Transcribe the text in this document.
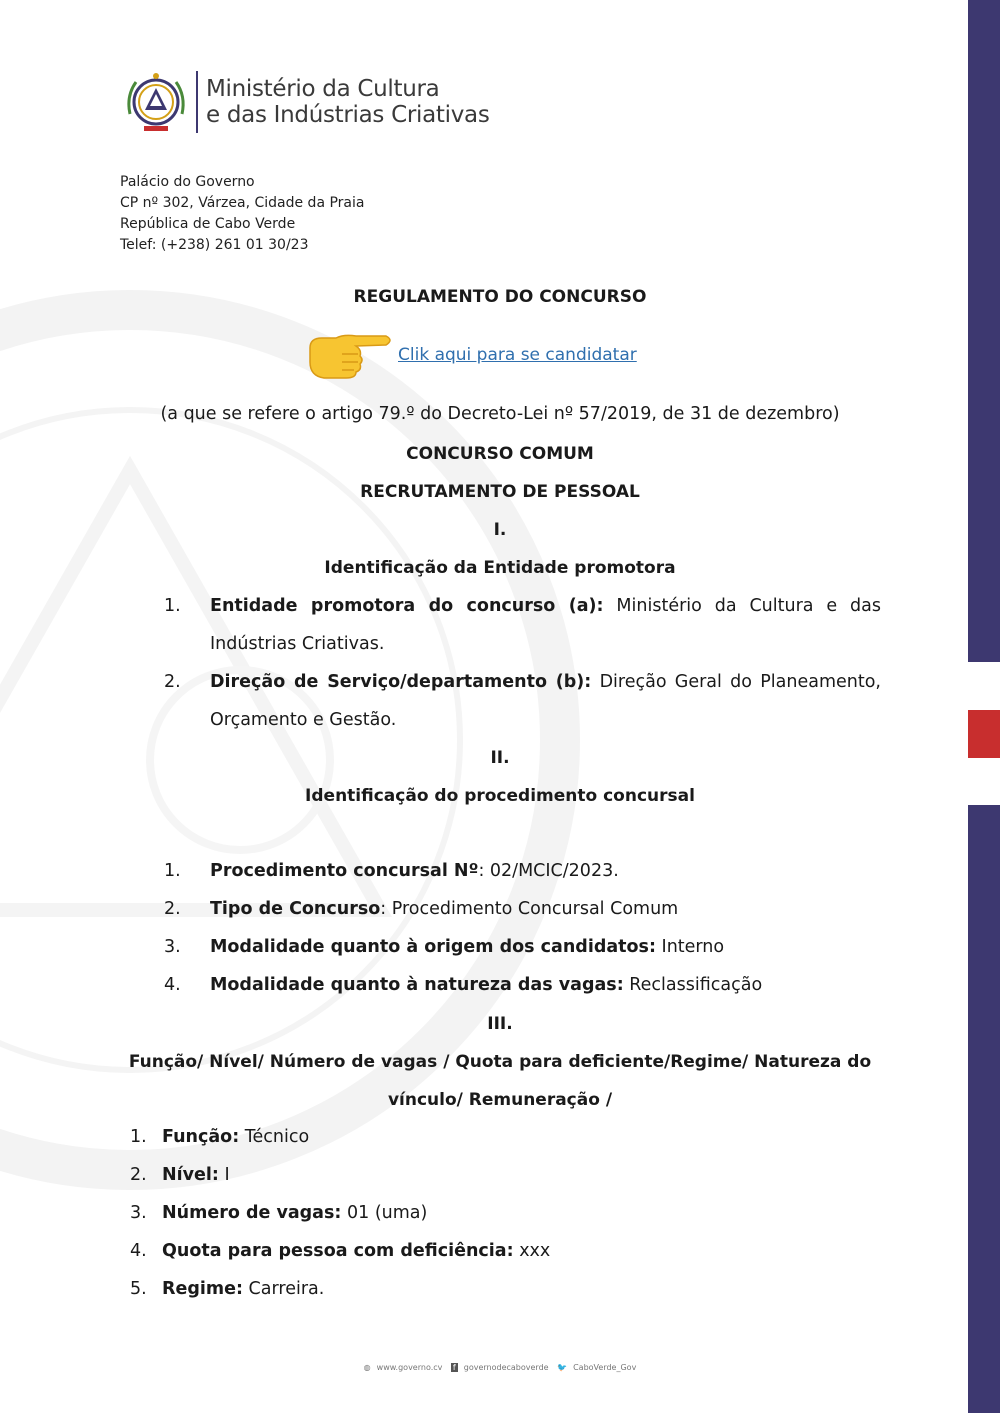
Ministério da Cultura
e das Indústrias Criativas
Palácio do Governo
CP nº 302, Várzea, Cidade da Praia
República de Cabo Verde
Telef: (+238) 261 01 30/23
REGULAMENTO DO CONCURSO
Clik aqui para se candidatar
(a que se refere o artigo 79.º do Decreto-Lei nº 57/2019, de 31 de dezembro)
CONCURSO COMUM
RECRUTAMENTO DE PESSOAL
I.
Identificação da Entidade promotora
1. Entidade promotora do concurso (a): Ministério da Cultura e das Indústrias Criativas.
2. Direção de Serviço/departamento (b): Direção Geral do Planeamento, Orçamento e Gestão.
II.
Identificação do procedimento concursal
1. Procedimento concursal Nº: 02/MCIC/2023.
2. Tipo de Concurso: Procedimento Concursal Comum
3. Modalidade quanto à origem dos candidatos: Interno
4. Modalidade quanto à natureza das vagas: Reclassificação
III.
Função/ Nível/ Número de vagas / Quota para deficiente/Regime/ Natureza do
vínculo/ Remuneração /
1. Função: Técnico
2. Nível: I
3. Número de vagas: 01 (uma)
4. Quota para pessoa com deficiência: xxx
5. Regime: Carreira.
◍ www.governo.cv f governodecaboverde 🐦 CaboVerde_Gov
